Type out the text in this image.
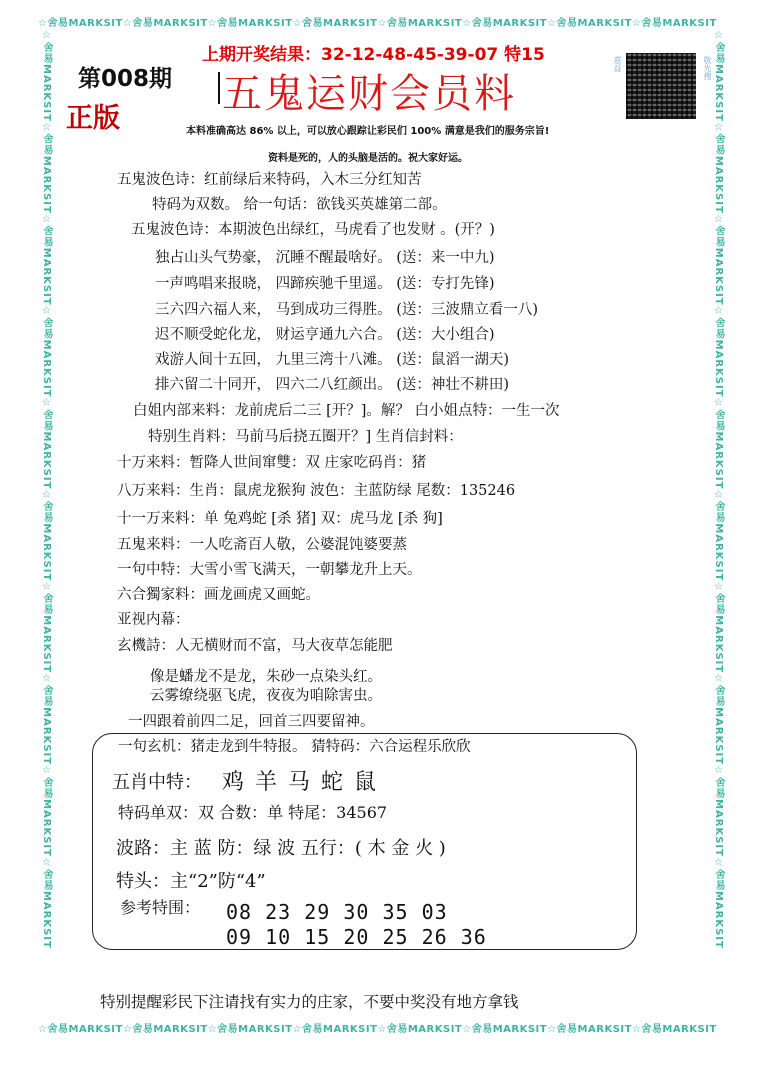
☆舍易MARKSIT☆舍易MARKSIT☆舍易MARKSIT☆舍易MARKSIT☆舍易MARKSIT☆舍易MARKSIT☆舍易MARKSIT☆舍易MARKSIT
☆舍易MARKSIT☆舍易MARKSIT☆舍易MARKSIT☆舍易MARKSIT☆舍易MARKSIT☆舍易MARKSIT☆舍易MARKSIT☆舍易MARKSIT
☆舍易MARKSIT☆舍易MARKSIT☆舍易MARKSIT☆舍易MARKSIT☆舍易MARKSIT☆舍易MARKSIT☆舍易MARKSIT☆舍易MARKSIT☆舍易MARKSIT☆舍易MARKSIT	☆舍易MARKSIT☆舍易MARKSIT☆舍易MARKSIT☆舍易MARKSIT☆舍易MARKSIT☆舍易MARKSIT☆舍易MARKSIT☆舍易MARKSIT☆舍易MARKSIT☆舍易MARKSIT
上期开奖结果：32-12-48-45-39-07 特15
第008期
正版
五鬼运财会员料
嘉益	敬光搜
本料准确高达 86% 以上，可以放心跟踪让彩民们 100% 满意是我们的服务宗旨!
资料是死的，人的头脑是活的。祝大家好运。
五鬼波色诗：红前绿后来特码，入木三分红知苦
特码为双数。 给一句话：欲钱买英雄第二部。
五鬼波色诗：本期波色出绿红，马虎看了也发财 。(开？)
独占山头气势豪， 沉睡不醒最啥好。 (送：来一中九)
一声鸣唱来报晓， 四蹄疾驰千里遥。 (送：专打先锋)
三六四六福人来， 马到成功三得胜。 (送：三波鼎立看一八)
迟不顺受蛇化龙， 财运亨通九六合。 (送：大小组合)
戏游人间十五回， 九里三湾十八滩。 (送：鼠滔一湖天)
排六留二十同开， 四六二八红颜出。 (送：神壮不耕田)
白姐内部来料：龙前虎后二三 [开？]。解？ 白小姐点特：一生一次
特别生肖料：马前马后挠五圈开？] 生肖信封料：
十万来料：暂降人世间窜雙：双 庄家吃码肖：猪
八万来料：生肖：鼠虎龙猴狗 波色：主蓝防绿 尾数：135246
十一万来料：单 兔鸡蛇 [杀 猪] 双：虎马龙 [杀 狗]
五鬼来料：一人吃斋百人敬，公婆混饨婆要蒸
一句中特：大雪小雪飞满天，一朝攀龙升上天。
六合獨家料：画龙画虎又画蛇。
亚视内幕：
玄機詩：人无横财而不富，马大夜草怎能肥
像是蟠龙不是龙，朱砂一点染头红。
云雾缭绕驱飞虎，夜夜为咱除害虫。
一四跟着前四二足，回首三四要留神。
一句玄机：猪走龙到牛特报。 猜特码：六合运程乐欣欣
五肖中特： 鸡 羊 马 蛇 鼠
特码单双：双 合数：单 特尾：34567
波路：主 蓝 防：绿 波 五行：( 木 金 火 )
特头：主“2”防“4”
参考特围： 08 23 29 30 35 03
09 10 15 20 25 26 36
特别提醒彩民下注请找有实力的庄家，不要中奖没有地方拿钱
